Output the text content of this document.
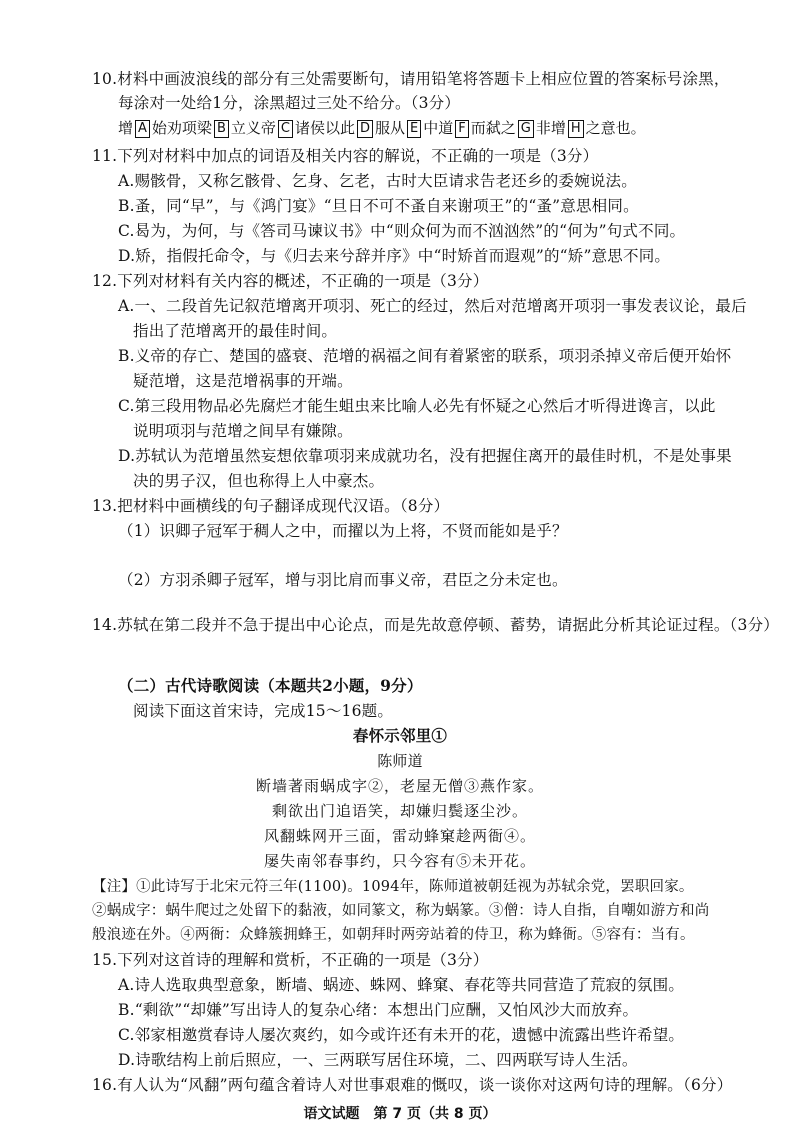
10.材料中画波浪线的部分有三处需要断句，请用铅笔将答题卡上相应位置的答案标号涂黑，
每涂对一处给1分，涂黑超过三处不给分。（3分）
增 A 始劝项梁 B 立义帝 C 诸侯以此 D 服从 E 中道 F 而弑之 G 非增 H 之意也。
11.下列对材料中加点的词语及相关内容的解说，不正确的一项是（3分）
A.赐骸骨，又称乞骸骨、乞身、乞老，古时大臣请求告老还乡的委婉说法。
B.蚤，同“早”，与《鸿门宴》“旦日不可不蚤自来谢项王”的“蚤”意思相同。
C.曷为，为何，与《答司马谏议书》中“则众何为而不汹汹然”的“何为”句式不同。
D.矫，指假托命令，与《归去来兮辞并序》中“时矫首而遐观”的“矫”意思不同。
12.下列对材料有关内容的概述，不正确的一项是（3分）
A.一、二段首先记叙范增离开项羽、死亡的经过，然后对范增离开项羽一事发表议论，最后
指出了范增离开的最佳时间。
B.义帝的存亡、楚国的盛衰、范增的祸福之间有着紧密的联系，项羽杀掉义帝后便开始怀
疑范增，这是范增祸事的开端。
C.第三段用物品必先腐烂才能生蛆虫来比喻人必先有怀疑之心然后才听得进谗言，以此
说明项羽与范增之间早有嫌隙。
D.苏轼认为范增虽然妄想依靠项羽来成就功名，没有把握住离开的最佳时机，不是处事果
决的男子汉，但也称得上人中豪杰。
13.把材料中画横线的句子翻译成现代汉语。（8分）
（1）识卿子冠军于稠人之中，而擢以为上将，不贤而能如是乎？
（2）方羽杀卿子冠军，增与羽比肩而事义帝，君臣之分未定也。
14.苏轼在第二段并不急于提出中心论点，而是先故意停顿、蓄势，请据此分析其论证过程。（3分）
（二）古代诗歌阅读（本题共2小题，9分）
阅读下面这首宋诗，完成15～16题。
春怀示邻里①
陈师道
断墙著雨蜗成字②，老屋无僧③燕作家。
剩欲出门追语笑，却嫌归鬓逐尘沙。
风翻蛛网开三面，雷动蜂窠趁两衙④。
屡失南邻春事约，只今容有⑤未开花。
【注】①此诗写于北宋元符三年(1100)。1094年，陈师道被朝廷视为苏轼余党，罢职回家。
②蜗成字：蜗牛爬过之处留下的黏液，如同篆文，称为蜗篆。③僧：诗人自指，自嘲如游方和尚
般浪迹在外。④两衙：众蜂簇拥蜂王，如朝拜时两旁站着的侍卫，称为蜂衙。⑤容有：当有。
15.下列对这首诗的理解和赏析，不正确的一项是（3分）
A.诗人选取典型意象，断墙、蜗迹、蛛网、蜂窠、春花等共同营造了荒寂的氛围。
B.“剩欲”“却嫌”写出诗人的复杂心绪：本想出门应酬，又怕风沙大而放弃。
C.邻家相邀赏春诗人屡次爽约，如今或许还有未开的花，遗憾中流露出些许希望。
D.诗歌结构上前后照应，一、三两联写居住环境，二、四两联写诗人生活。
16.有人认为“风翻”两句蕴含着诗人对世事艰难的慨叹，谈一谈你对这两句诗的理解。（6分）
语文试题　第 7 页（共 8 页）
